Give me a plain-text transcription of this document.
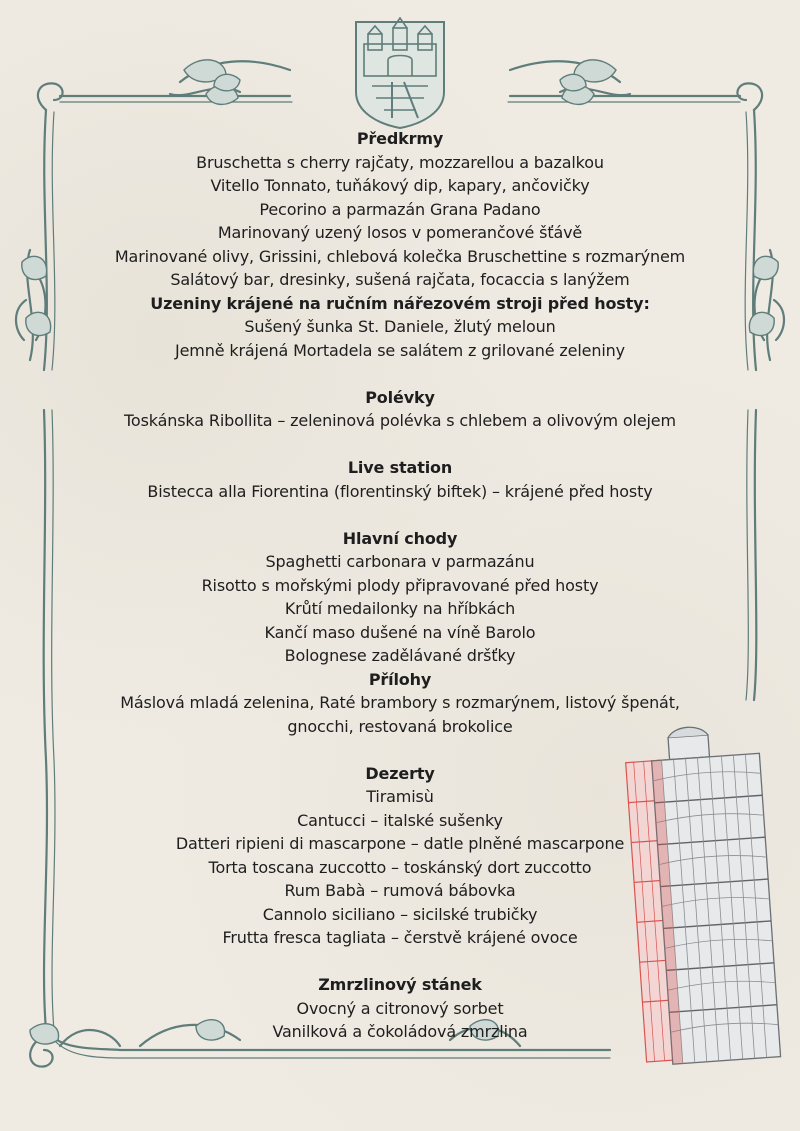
Předkrmy
Bruschetta s cherry rajčaty, mozzarellou a bazalkou
Vitello Tonnato, tuňákový dip, kapary, ančovičky
Pecorino a parmazán Grana Padano
Marinovaný uzený losos v pomerančové šťávě
Marinované olivy, Grissini, chlebová kolečka Bruschettine s rozmarýnem
Salátový bar, dresinky, sušená rajčata, focaccia s lanýžem
Uzeniny krájené na ručním nářezovém stroji před hosty:
Sušený šunka St. Daniele, žlutý meloun
Jemně krájená Mortadela se salátem z grilované zeleniny
Polévky
Toskánska Ribollita – zeleninová polévka s chlebem a olivovým olejem
Live station
Bistecca alla Fiorentina (florentinský biftek) – krájené před hosty
Hlavní chody
Spaghetti carbonara v parmazánu
Risotto s mořskými plody připravované před hosty
Krůtí medailonky na hříbkách
Kančí maso dušené na víně Barolo
Bolognese zadělávané dršťky
Přílohy
Máslová mladá zelenina, Raté brambory s rozmarýnem, listový špenát,
gnocchi, restovaná brokolice
Dezerty
Tiramisù
Cantucci – italské sušenky
Datteri ripieni di mascarpone – datle plněné mascarpone
Torta toscana zuccotto – toskánský dort zuccotto
Rum Babà – rumová bábovka
Cannolo siciliano – sicilské trubičky
Frutta fresca tagliata – čerstvě krájené ovoce
Zmrzlinový stánek
Ovocný a citronový sorbet
Vanilková a čokoládová zmrzlina
